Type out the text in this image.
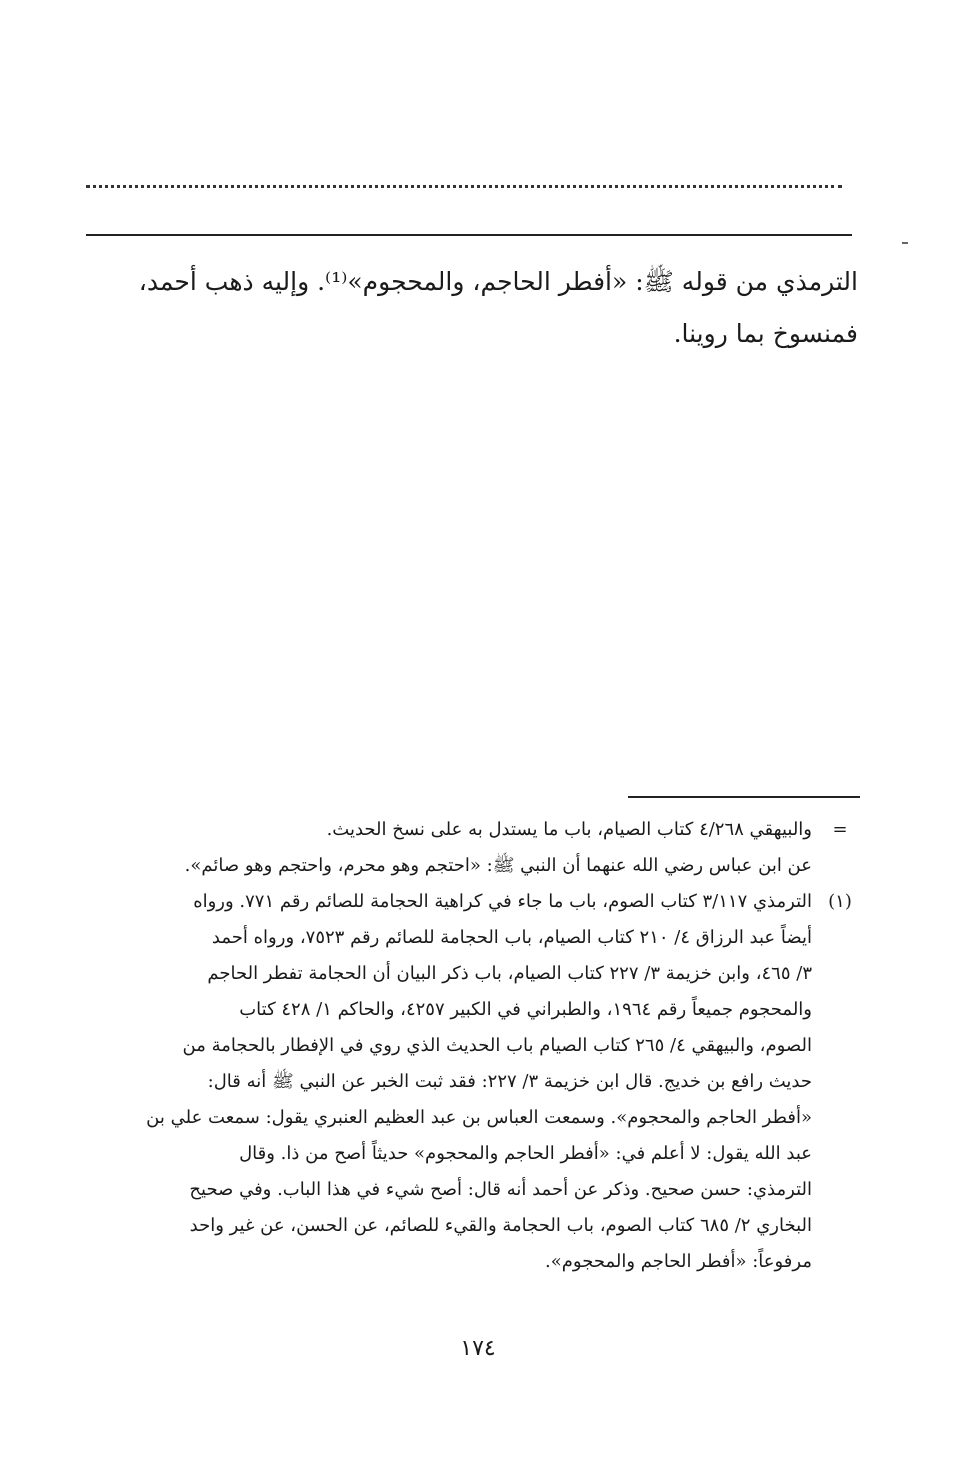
الترمذي من قوله ﷺ: «أفطر الحاجم، والمحجوم»⁽¹⁾. وإليه ذهب أحمد،
فمنسوخ بما روينا.
=
والبيهقي ٤/٢٦٨ كتاب الصيام، باب ما يستدل به على نسخ الحديث.
عن ابن عباس رضي الله عنهما أن النبي ﷺ: «احتجم وهو محرم، واحتجم وهو صائم».
(١)
الترمذي ٣/١١٧ كتاب الصوم، باب ما جاء في كراهية الحجامة للصائم رقم ٧٧١. ورواه
أيضاً عبد الرزاق ٤/ ٢١٠ كتاب الصيام، باب الحجامة للصائم رقم ٧٥٢٣، ورواه أحمد
٣/ ٤٦٥، وابن خزيمة ٣/ ٢٢٧ كتاب الصيام، باب ذكر البيان أن الحجامة تفطر الحاجم
والمحجوم جميعاً رقم ١٩٦٤، والطبراني في الكبير ٤٢٥٧، والحاكم ١/ ٤٢٨ كتاب
الصوم، والبيهقي ٤/ ٢٦٥ كتاب الصيام باب الحديث الذي روي في الإفطار بالحجامة من
حديث رافع بن خديج. قال ابن خزيمة ٣/ ٢٢٧: فقد ثبت الخبر عن النبي ﷺ أنه قال:
«أفطر الحاجم والمحجوم». وسمعت العباس بن عبد العظيم العنبري يقول: سمعت علي بن
عبد الله يقول: لا أعلم في: «أفطر الحاجم والمحجوم» حديثاً أصح من ذا. وقال
الترمذي: حسن صحيح. وذكر عن أحمد أنه قال: أصح شيء في هذا الباب. وفي صحيح
البخاري ٢/ ٦٨٥ كتاب الصوم، باب الحجامة والقيء للصائم، عن الحسن، عن غير واحد
مرفوعاً: «أفطر الحاجم والمحجوم».
١٧٤
